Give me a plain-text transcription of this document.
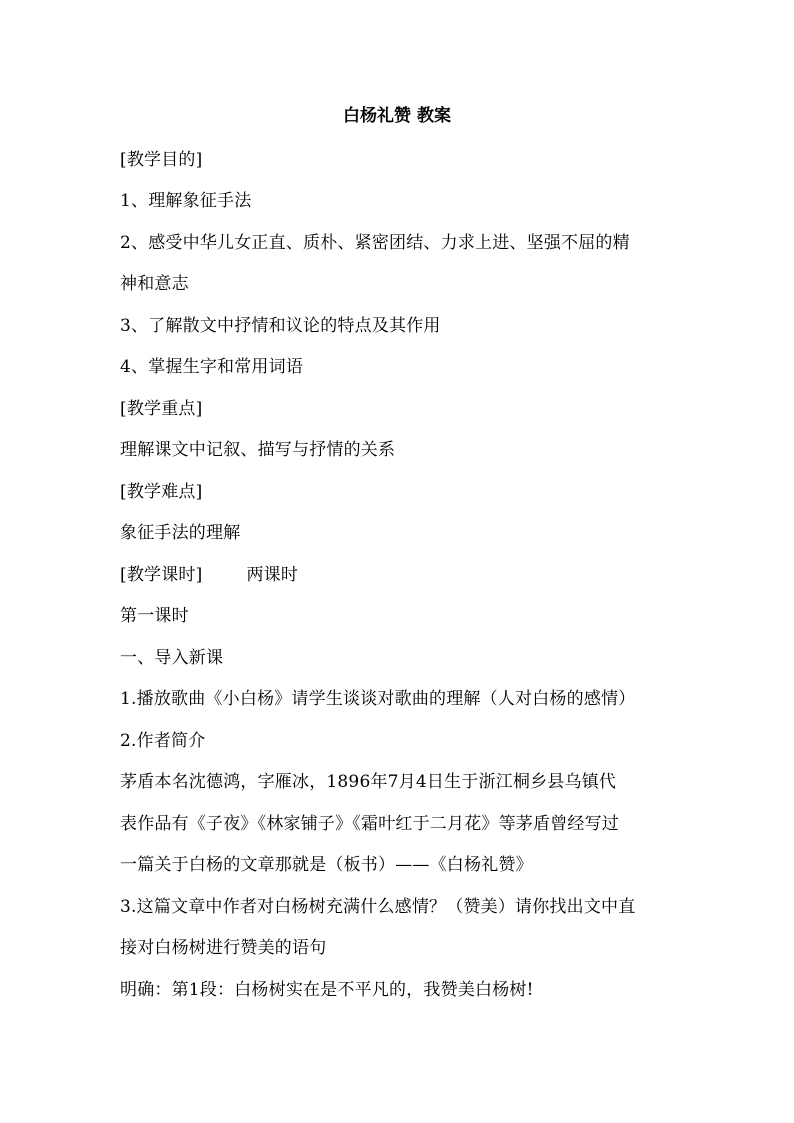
白杨礼赞 教案
[教学目的]
1、理解象征手法
2、感受中华儿女正直、质朴、紧密团结、力求上进、坚强不屈的精
神和意志
3、了解散文中抒情和议论的特点及其作用
4、掌握生字和常用词语
[教学重点]
理解课文中记叙、描写与抒情的关系
[教学难点]
象征手法的理解
[教学课时]	两课时
第一课时
一、导入新课
1.播放歌曲《小白杨》请学生谈谈对歌曲的理解（人对白杨的感情）
2.作者简介
茅盾本名沈德鸿，字雁冰，1896年7月4日生于浙江桐乡县乌镇代
表作品有《子夜》《林家铺子》《霜叶红于二月花》等茅盾曾经写过
一篇关于白杨的文章那就是（板书）——《白杨礼赞》
3.这篇文章中作者对白杨树充满什么感情？（赞美）请你找出文中直
接对白杨树进行赞美的语句
明确：第1段：白杨树实在是不平凡的，我赞美白杨树!
